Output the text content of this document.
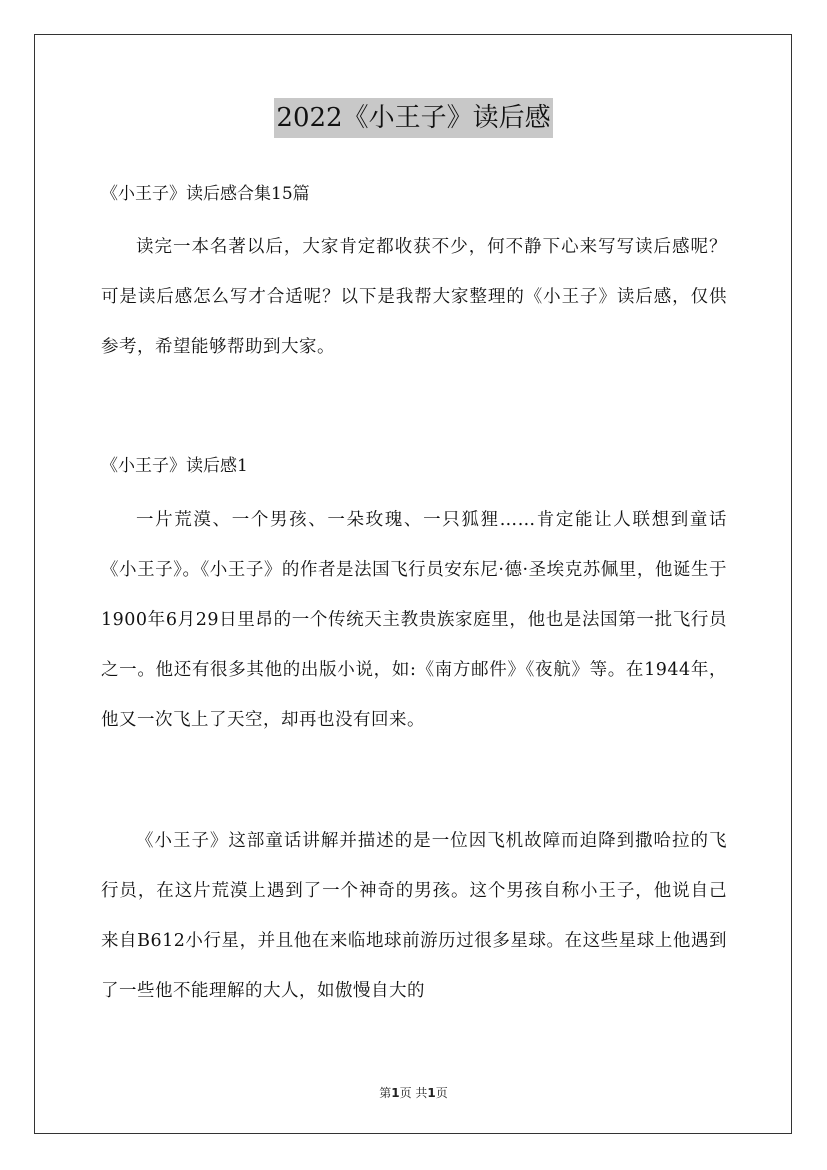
2022《小王子》读后感
《小王子》读后感合集15篇

读完一本名著以后，大家肯定都收获不少，何不静下心来写写读后感呢？可是读后感怎么写才合适呢？以下是我帮大家整理的《小王子》读后感，仅供参考，希望能够帮助到大家。

《小王子》读后感1

一片荒漠、一个男孩、一朵玫瑰、一只狐狸……肯定能让人联想到童话《小王子》。《小王子》的作者是法国飞行员安东尼·德·圣埃克苏佩里，他诞生于1900年6月29日里昂的一个传统天主教贵族家庭里，他也是法国第一批飞行员之一。他还有很多其他的出版小说，如:《南方邮件》《夜航》等。在1944年，他又一次飞上了天空，却再也没有回来。

《小王子》这部童话讲解并描述的是一位因飞机故障而迫降到撒哈拉的飞行员，在这片荒漠上遇到了一个神奇的男孩。这个男孩自称小王子，他说自己来自B612小行星，并且他在来临地球前游历过很多星球。在这些星球上他遇到了一些他不能理解的大人，如傲慢自大的

第1页 共1页
